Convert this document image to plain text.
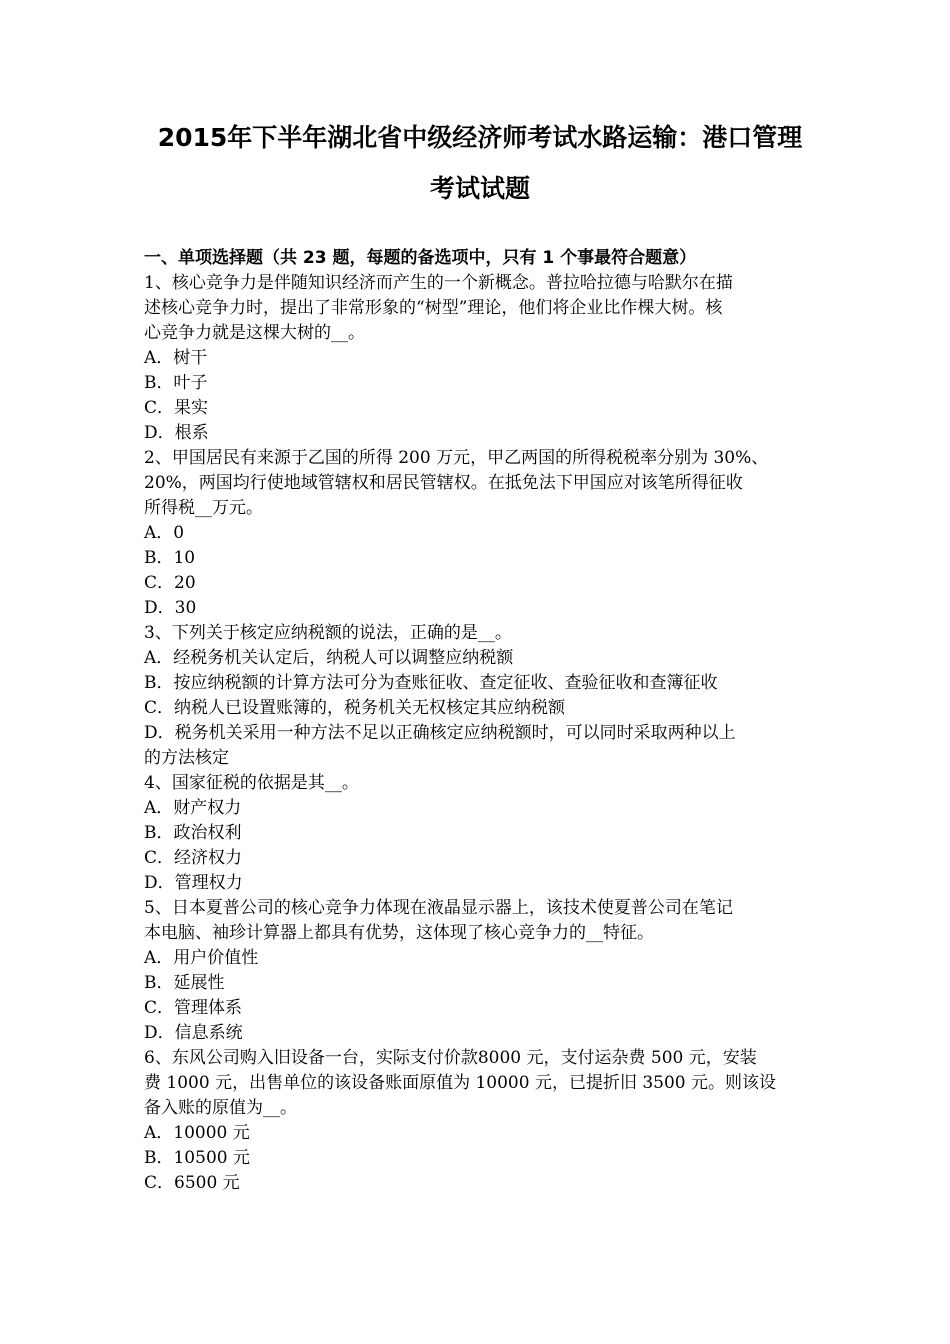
2015年下半年湖北省中级经济师考试水路运输：港口管理
考试试题
一、单项选择题（共 23 题，每题的备选项中，只有 1 个事最符合题意）
1、核心竞争力是伴随知识经济而产生的一个新概念。普拉哈拉德与哈默尔在描
述核心竞争力时，提出了非常形象的“树型”理论，他们将企业比作棵大树。核
心竞争力就是这棵大树的__。
A．树干
B．叶子
C．果实
D．根系
2、甲国居民有来源于乙国的所得 200 万元，甲乙两国的所得税税率分别为 30%、
20%，两国均行使地域管辖权和居民管辖权。在抵免法下甲国应对该笔所得征收
所得税__万元。
A．0
B．10
C．20
D．30
3、下列关于核定应纳税额的说法，正确的是__。
A．经税务机关认定后，纳税人可以调整应纳税额
B．按应纳税额的计算方法可分为查账征收、查定征收、查验征收和查簿征收
C．纳税人已设置账簿的，税务机关无权核定其应纳税额
D．税务机关采用一种方法不足以正确核定应纳税额时，可以同时采取两种以上
的方法核定
4、国家征税的依据是其__。
A．财产权力
B．政治权利
C．经济权力
D．管理权力
5、日本夏普公司的核心竞争力体现在液晶显示器上，该技术使夏普公司在笔记
本电脑、袖珍计算器上都具有优势，这体现了核心竞争力的__特征。
A．用户价值性
B．延展性
C．管理体系
D．信息系统
6、东风公司购入旧设备一台，实际支付价款8000 元，支付运杂费 500 元，安装
费 1000 元，出售单位的该设备账面原值为 10000 元，已提折旧 3500 元。则该设
备入账的原值为__。
A．10000 元
B．10500 元
C．6500 元
